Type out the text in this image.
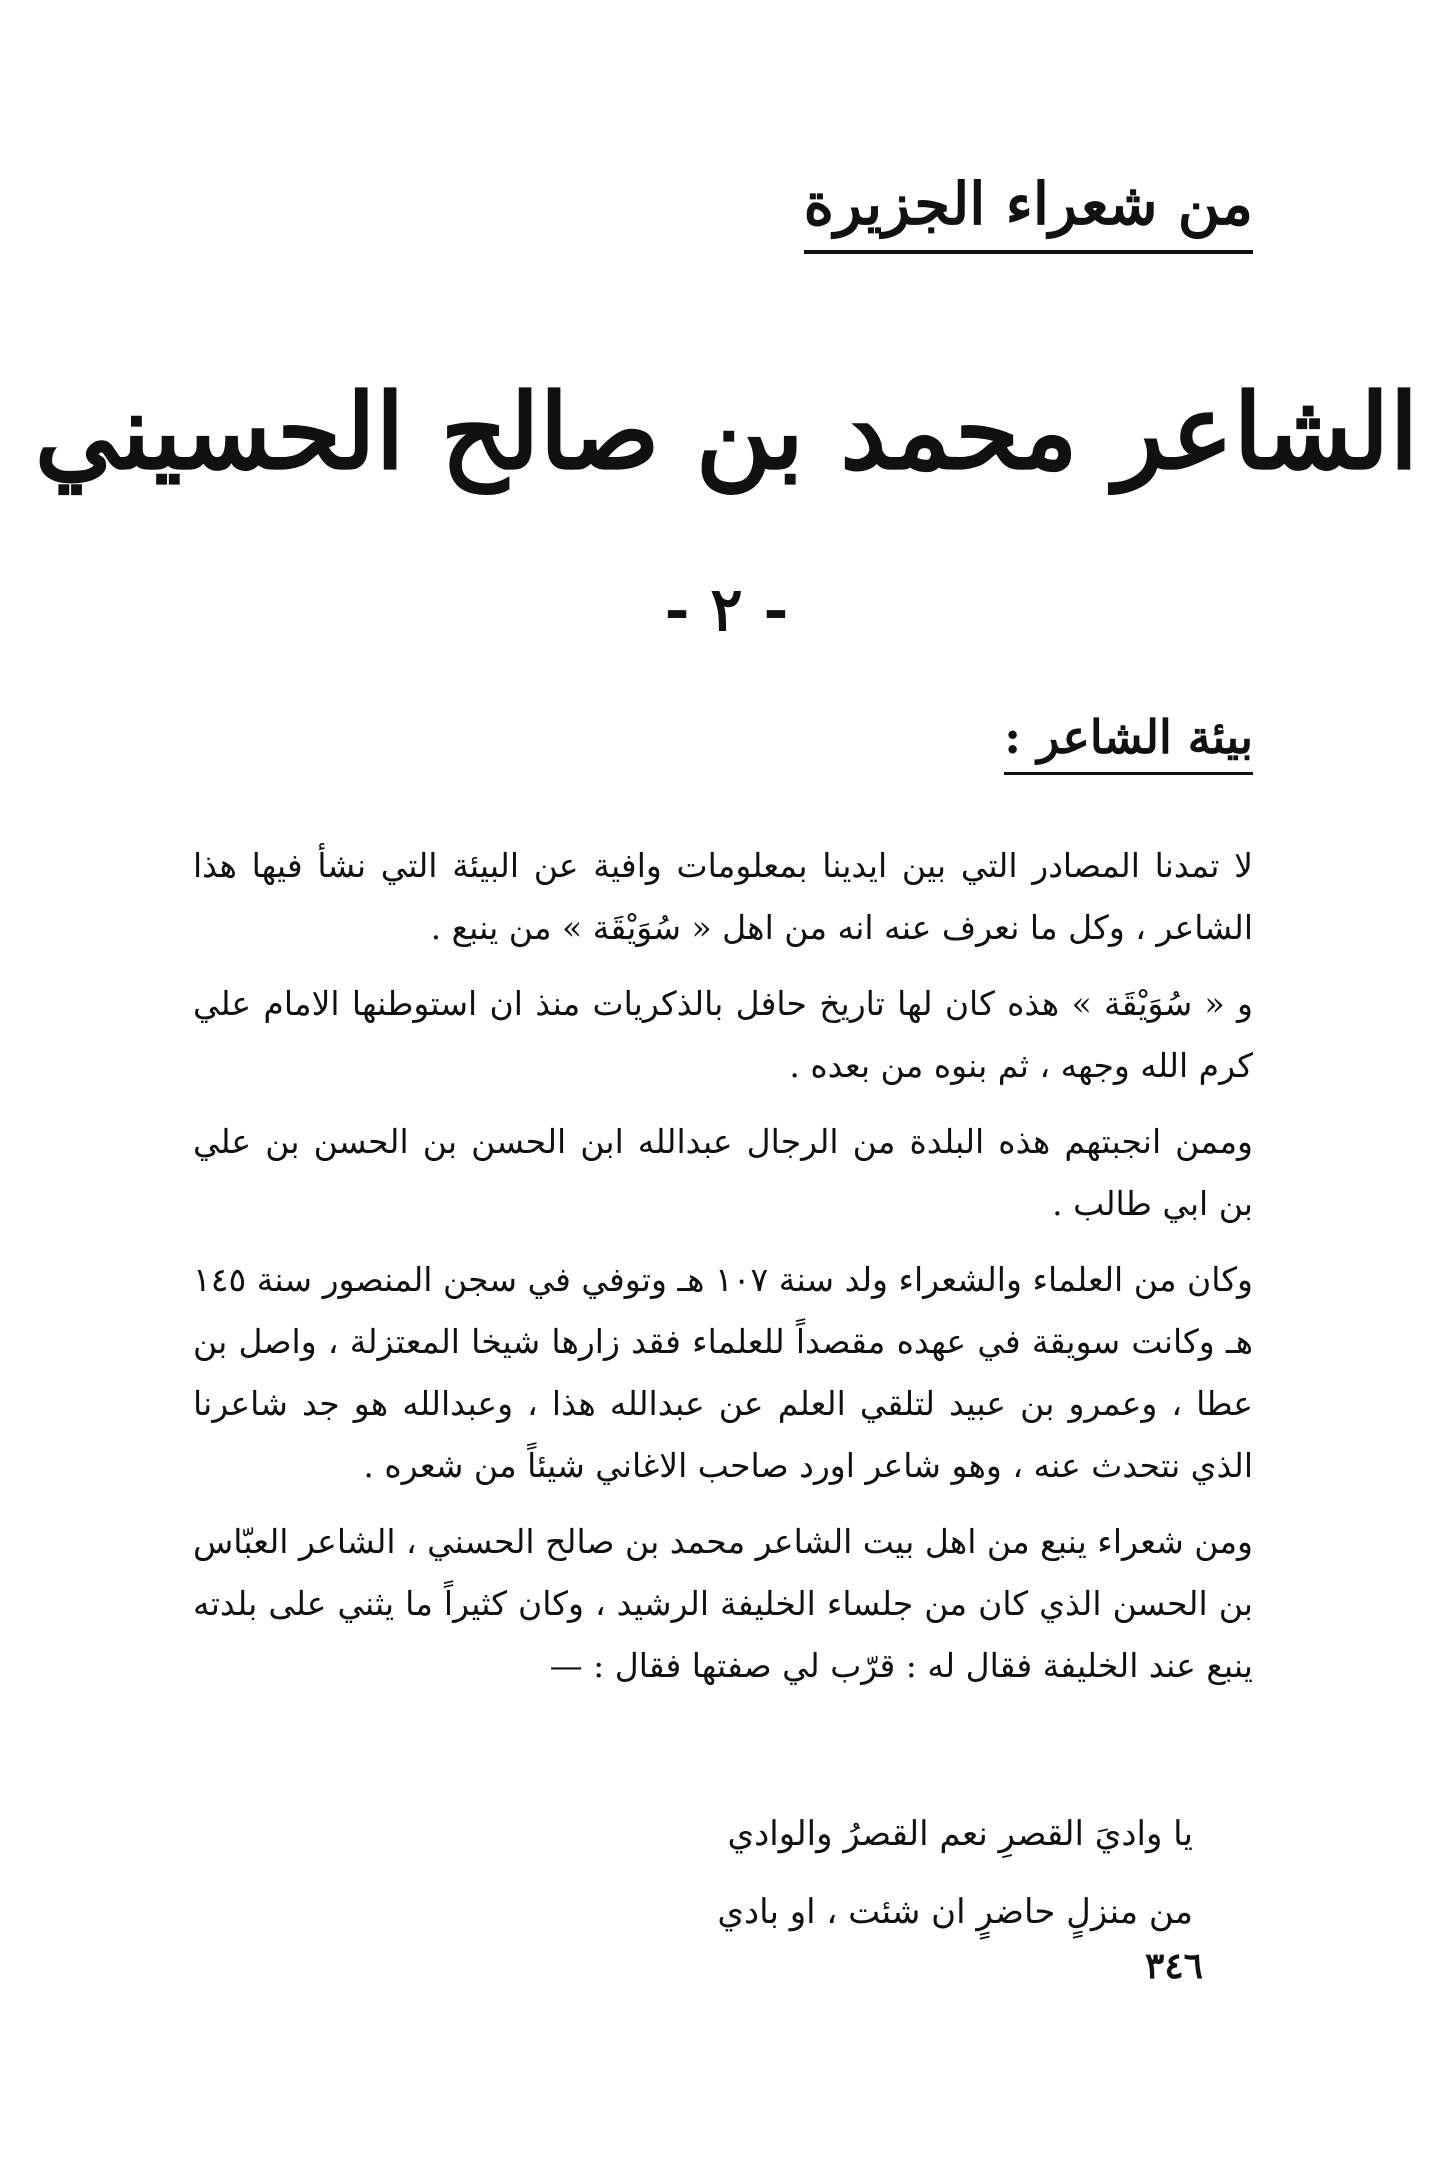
من شعراء الجزيرة
الشاعر محمد بن صالح الحسيني
- ٢ -
بيئة الشاعر :

لا تمدنا المصادر التي بين ايدينا بمعلومات وافية عن البيئة التي نشأ فيها هذا الشاعر ، وكل ما نعرف عنه انه من اهل « سُوَيْقَة » من ينبع .

و « سُوَيْقَة » هذه كان لها تاريخ حافل بالذكريات منذ ان استوطنها الامام علي كرم الله وجهه ، ثم بنوه من بعده .

وممن انجبتهم هذه البلدة من الرجال عبدالله ابن الحسن بن الحسن بن علي بن ابي طالب .

وكان من العلماء والشعراء ولد سنة ١٠٧ هـ وتوفي في سجن المنصور سنة ١٤٥ هـ وكانت سويقة في عهده مقصداً للعلماء فقد زارها شيخا المعتزلة ، واصل بن عطا ، وعمرو بن عبيد لتلقي العلم عن عبدالله هذا ، وعبدالله هو جد شاعرنا الذي نتحدث عنه ، وهو شاعر اورد صاحب الاغاني شيئاً من شعره .

ومن شعراء ينبع من اهل بيت الشاعر محمد بن صالح الحسني ، الشاعر العبّاس بن الحسن الذي كان من جلساء الخليفة الرشيد ، وكان كثيراً ما يثني على بلدته ينبع عند الخليفة فقال له : قرّب لي صفتها فقال : —

يا واديَ القصرِ نعم القصرُ والوادي
من منزلٍ حاضرٍ ان شئت ، او بادي
٣٤٦
